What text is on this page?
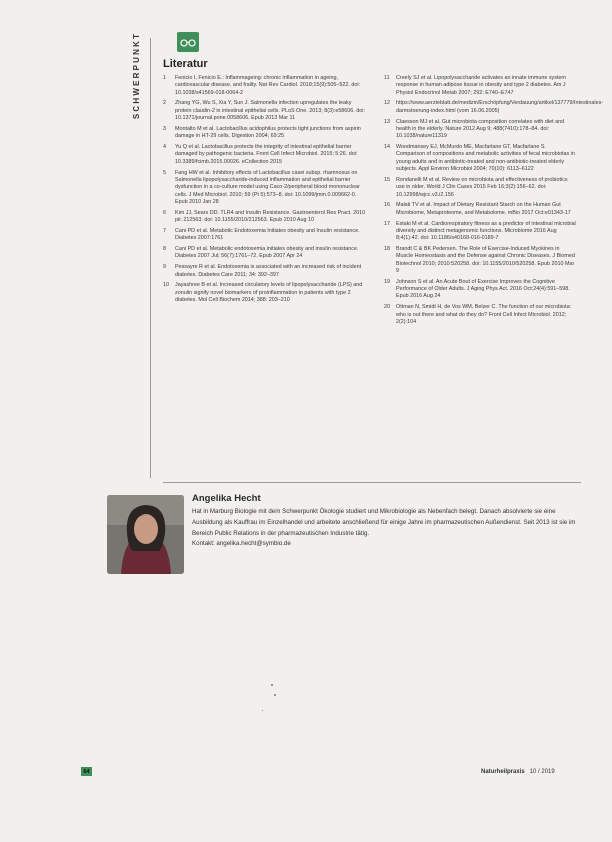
SCHWERPUNKT Literatur
1	Fenicio I, Fenicio E.: Inflammageing: chronic inflammation in ageing, cardiovascular disease, and frailty. Nat Rev Cardiol. 2018;15(9):505–522. doi: 10.1038/s41569-018-0064-2
2	Zhang YG, Wu S, Xia Y, Sun J. Salmonella infection upregulates the leaky protein claudin-2 in intestinal epithelial cells. PLoS One. 2013; 8(3):e58606. doi: 10.1371/journal.pone.0058606. Epub 2013 Mar 11
3	Montalto M et al. Lactobacillus acidophilus protects tight junctions from aspirin damage in HT-29 cells. Digestion 2004; 69:25
4	Yu Q et al. Lactobacillus protects the integrity of intestinal epithelial barrier damaged by pathogenic bacteria. Front Cell Infect Microbiol. 2015; 5:26. doi: 10.3389/fcimb.2015.00026. eCollection 2015
5	Fang HW et al. Inhibitory effects of Lactobacillus casei subsp. rhamnosus on Salmonella lipopolysaccharide-induced inflammation and epithelial barrier dysfunction in a co-culture model using Caco-2/peripheral blood mononuclear cells. J Med Microbiol. 2010; 59 (Pt 5):573–8. doi: 10.1099/jmm.0.009662-0. Epub 2010 Jan 28
6	Kim JJ, Sears DD. TLR4 and Insulin Resistance. Gastroenterol Res Pract. 2010 pii: 212563. doi: 10.1155/2010/212563. Epub 2010 Aug 10
7	Cani PD et al. Metabolic Endotoxemia Initiates obesity and Insulin resistance. Diabetes 2007:1761
8	Cani PD et al. Metabolic endotoxemia initiates obesity and insulin resistance. Diabetes 2007 Jul; 56(7):1761–72. Epub 2007 Apr 24
9	Pessayre R et al. Endotoxemia is associated with an increased risk of incident diabetes. Diabetes Care 2011; 34: 392–397
10	Jayashree B et al. Increased circulatory levels of lipopolysaccharide (LPS) and zonulin signify novel biomarkers of proinflammation in patients with type 2 diabetes. Mol Cell Biochem 2014; 388: 203–210
11	Creely SJ et al. Lipopolysaccharide activates an innate immune system response in human adipose tissue in obesity and type 2 diabetes. Am J Physiol Endocrinol Metab 2007; 292: E740–E747
12	https://www.aerzteblatt.de/medizin/Erschöpfung/Verdauung/artikel/137779/Intestinales-darmstoerung-index.html (vom 16.06.2005)
13	Claesson MJ et al. Gut microbiota composition correlates with diet and health in the elderly. Nature 2012 Aug 9; 488(7410):178–84. doi: 10.1038/nature11319
14	Woodmansey EJ, McMurdo ME, Macfarlane GT, Macfarlane S. Comparison of compositions and metabolic activities of fecal microbiotas in young adults and in antibiotic-treated and non-antibiotic-treated elderly subjects. Appl Environ Microbiol 2004; 70(10): 6113–6122
15	Rondanelli M et al. Review on microbiota and effectiveness of probiotics use in older. World J Clin Cases 2015 Feb 16;3(2):156–62. doi: 10.12998/wjcc.v3.i2.156
16	Malati TV et al. Impact of Dietary Resistant Starch on the Human Gut Microbiome, Metaproteome, and Metabolome. mBio 2017 Oct:e01343-17
17	Estaki M et al. Cardiorespiratory fitness as a predictor of intestinal microbial diversity and distinct metagenomic functions. Microbiome 2016 Aug 8;4(1):42. doi: 10.1186/s40168-016-0189-7
18	Brandt C & BK Pedersen. The Role of Exercise-Induced Myokines in Muscle Homeostasis and the Defense against Chronic Diseases. J Biomed Biotechnol 2010; 2010:520258. doi: 10.1155/2010/520258. Epub 2010 Mar 9
19	Johnson S et al. An Acute Bout of Exercise Improves the Cognitive Performance of Older Adults. J Aging Phys Act. 2016 Oct;24(4):591–598. Epub 2016 Aug 24
20	Ottman N, Smidt H, de Vos WM, Belzer C. The function of our microbiota: who is out there and what do they do? Front Cell Infect Microbiol. 2012; 2(2):104
Angelika Hecht
Hat in Marburg Biologie mit dem Schwerpunkt Ökologie studiert und Mikrobiologie als Nebenfach belegt. Danach absolvierte sie eine Ausbildung als Kauffrau im Einzelhandel und arbeitete anschließend für einige Jahre im pharmazeutischen Außendienst. Seit 2013 ist sie im Bereich Public Relations in der pharmazeutischen Industrie tätig.
Kontakt: angelika.hecht@symbio.de
64	Naturheilpraxis 10 / 2019
